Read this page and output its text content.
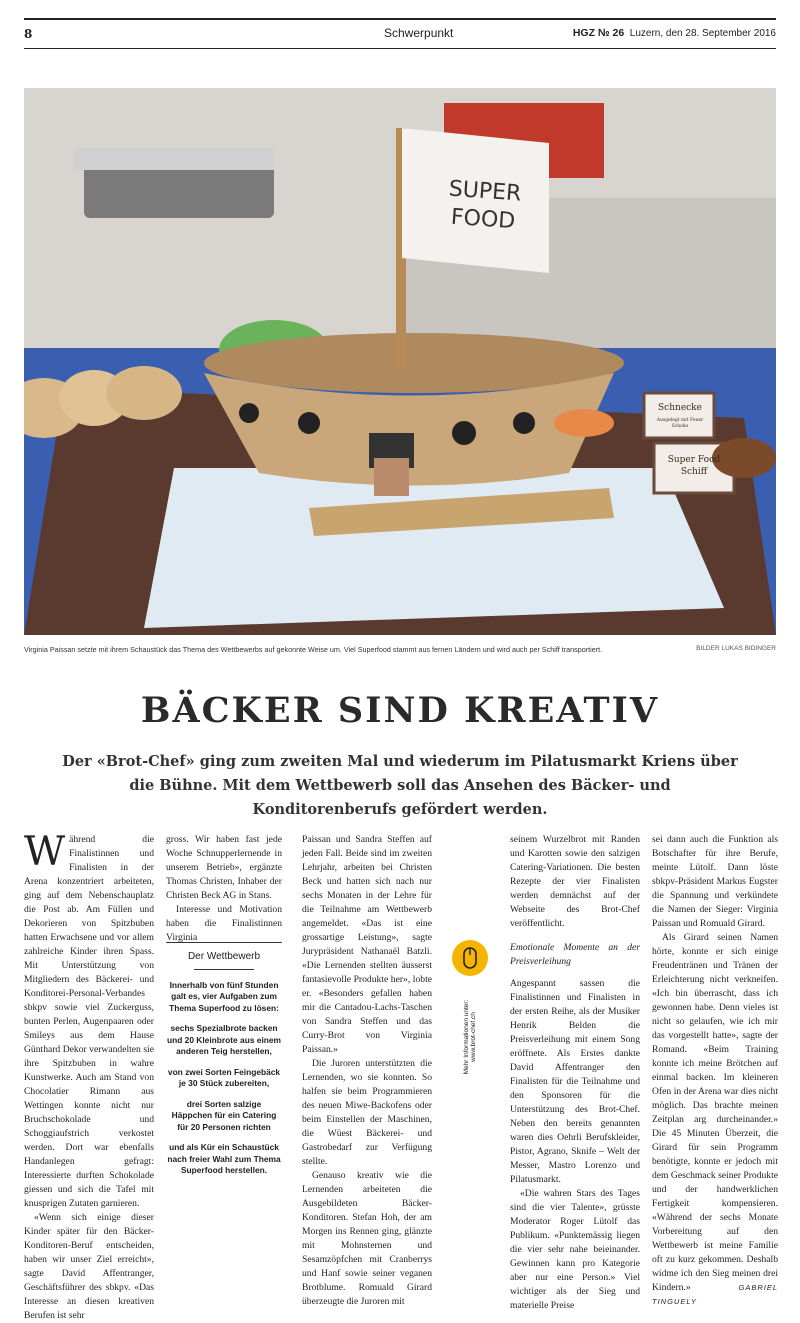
8	Schwerpunkt	HGZ № 26 Luzern, den 28. September 2016
SUPER FOOD
Schnecke
Ausgelegt mit Feuer Schoko
Super Food Schiff
Virginia Paissan setzte mit ihrem Schaustück das Thema des Wettbewerbs auf gekonnte Weise um. Viel Superfood stammt aus fernen Ländern und wird auch per Schiff transportiert.	BILDER LUKAS BIDINGER
BÄCKER SIND KREATIV
Der «Brot-Chef» ging zum zweiten Mal und wiederum im Pilatusmarkt Kriens über die Bühne. Mit dem Wettbewerb soll das Ansehen des Bäcker- und Konditorenberufs gefördert werden.

Während die Finalistinnen und Finalisten in der Arena konzentriert arbeiteten, ging auf dem Nebenschauplatz die Post ab. Am Füllen und Dekorieren von Spitzbuben hatten Erwachsene und vor allem zahlreiche Kinder ihren Spass. Mit Unterstützung von Mitgliedern des Bäckerei- und Konditorei-Personal-Verbandes sbkpv sowie viel Zuckerguss, bunten Perlen, Augenpaaren oder Smileys aus dem Hause Günthard Dekor verwandelten sie ihre Spitzbuben in wahre Kunstwerke. Auch am Stand von Chocolatier Rimann aus Wettingen konnte nicht nur Bruchschokolade und Schoggiaufstrich verkostet werden. Dort war ebenfalls Handanlegen gefragt: Interessierte durften Schokolade giessen und sich die Tafel mit knusprigen Zutaten garnieren.

«Wenn sich einige dieser Kinder später für den Bäcker-Konditoren-Beruf entscheiden, haben wir unser Ziel erreicht», sagte David Affentranger, Geschäftsführer des sbkpv. «Das Interesse an diesen kreativen Berufen ist sehr

gross. Wir haben fast jede Woche Schnupperlernende in unserem Betrieb», ergänzte Thomas Christen, Inhaber der Christen Beck AG in Stans.

Interesse und Motivation haben die Finalistinnen Virginia

Der Wettbewerb

Innerhalb von fünf Stunden galt es, vier Aufgaben zum Thema Superfood zu lösen:

sechs Spezialbrote backen und 20 Kleinbrote aus einem anderen Teig herstellen,

von zwei Sorten Feingebäck je 30 Stück zubereiten,

drei Sorten salzige Häppchen für ein Catering für 20 Personen richten

und als Kür ein Schaustück nach freier Wahl zum Thema Superfood herstellen.

Paissan und Sandra Steffen auf jeden Fall. Beide sind im zweiten Lehrjahr, arbeiten bei Christen Beck und hatten sich nach nur sechs Monaten in der Lehre für die Teilnahme am Wettbewerb angemeldet. «Das ist eine grossartige Leistung», sagte Jurypräsident Nathanaël Batzli. «Die Lernenden stellten äusserst fantasievolle Produkte her», lobte er. «Besonders gefallen haben mir die Cantadou-Lachs-Taschen von Sandra Steffen und das Curry-Brot von Virginia Paissan.»

Die Juroren unterstützten die Lernenden, wo sie konnten. So halfen sie beim Programmieren des neuen Miwe-Backofens oder beim Einstellen der Maschinen, die Wüest Bäckerei- und Gastrobedarf zur Verfügung stellte.

Genauso kreativ wie die Lernenden arbeiteten die Ausgebildeten Bäcker-Konditoren. Stefan Hoh, der am Morgen ins Rennen ging, glänzte mit Mohnsternen und Sesamzöpfchen mit Cranberrys und Hanf sowie seiner veganen Brotblume. Romuald Girard überzeugte die Juroren mit

Mehr Informationen unter: www.brot-chef.ch

seinem Wurzelbrot mit Randen und Karotten sowie den salzigen Catering-Variationen. Die besten Rezepte der vier Finalisten werden demnächst auf der Webseite des Brot-Chef veröffentlicht.

Emotionale Momente an der Preisverleihung

Angespannt sassen die Finalistinnen und Finalisten in der ersten Reihe, als der Musiker Henrik Belden die Preisverleihung mit einem Song eröffnete. Als Erstes dankte David Affentranger den Finalisten für die Teilnahme und den Sponsoren für die Unterstützung des Brot-Chef. Neben den bereits genannten waren dies Oehrli Berufskleider, Pistor, Agrano, Sknife – Welt der Messer, Mastro Lorenzo und Pilatusmarkt.

«Die wahren Stars des Tages sind die vier Talente», grüsste Moderator Roger Lütolf das Publikum. «Punktemässig liegen die vier sehr nahe beieinander. Gewinnen kann pro Kategorie aber nur eine Person.» Viel wichtiger als der Sieg und materielle Preise

sei dann auch die Funktion als Botschafter für ihre Berufe, meinte Lütolf. Dann löste sbkpv-Präsident Markus Eugster die Spannung und verkündete die Namen der Sieger: Virginia Paissan und Romuald Girard.

Als Girard seinen Namen hörte, konnte er sich einige Freudentränen und Tränen der Erleichterung nicht verkneifen. «Ich bin überrascht, dass ich gewonnen habe. Denn vieles ist nicht so gelaufen, wie ich mir das vorgestellt hatte», sagte der Romand. «Beim Training konnte ich meine Brötchen auf einmal backen. Im kleineren Ofen in der Arena war dies nicht möglich. Das brachte meinen Zeitplan arg durcheinander.» Die 45 Minuten Überzeit, die Girard für sein Programm benötigte, konnte er jedoch mit dem Geschmack seiner Produkte und der handwerklichen Fertigkeit kompensieren. «Während der sechs Monate Vorbereitung auf den Wettbewerb ist meine Familie oft zu kurz gekommen. Deshalb widme ich den Sieg meinen drei Kindern.»	GABRIEL TINGUELY
